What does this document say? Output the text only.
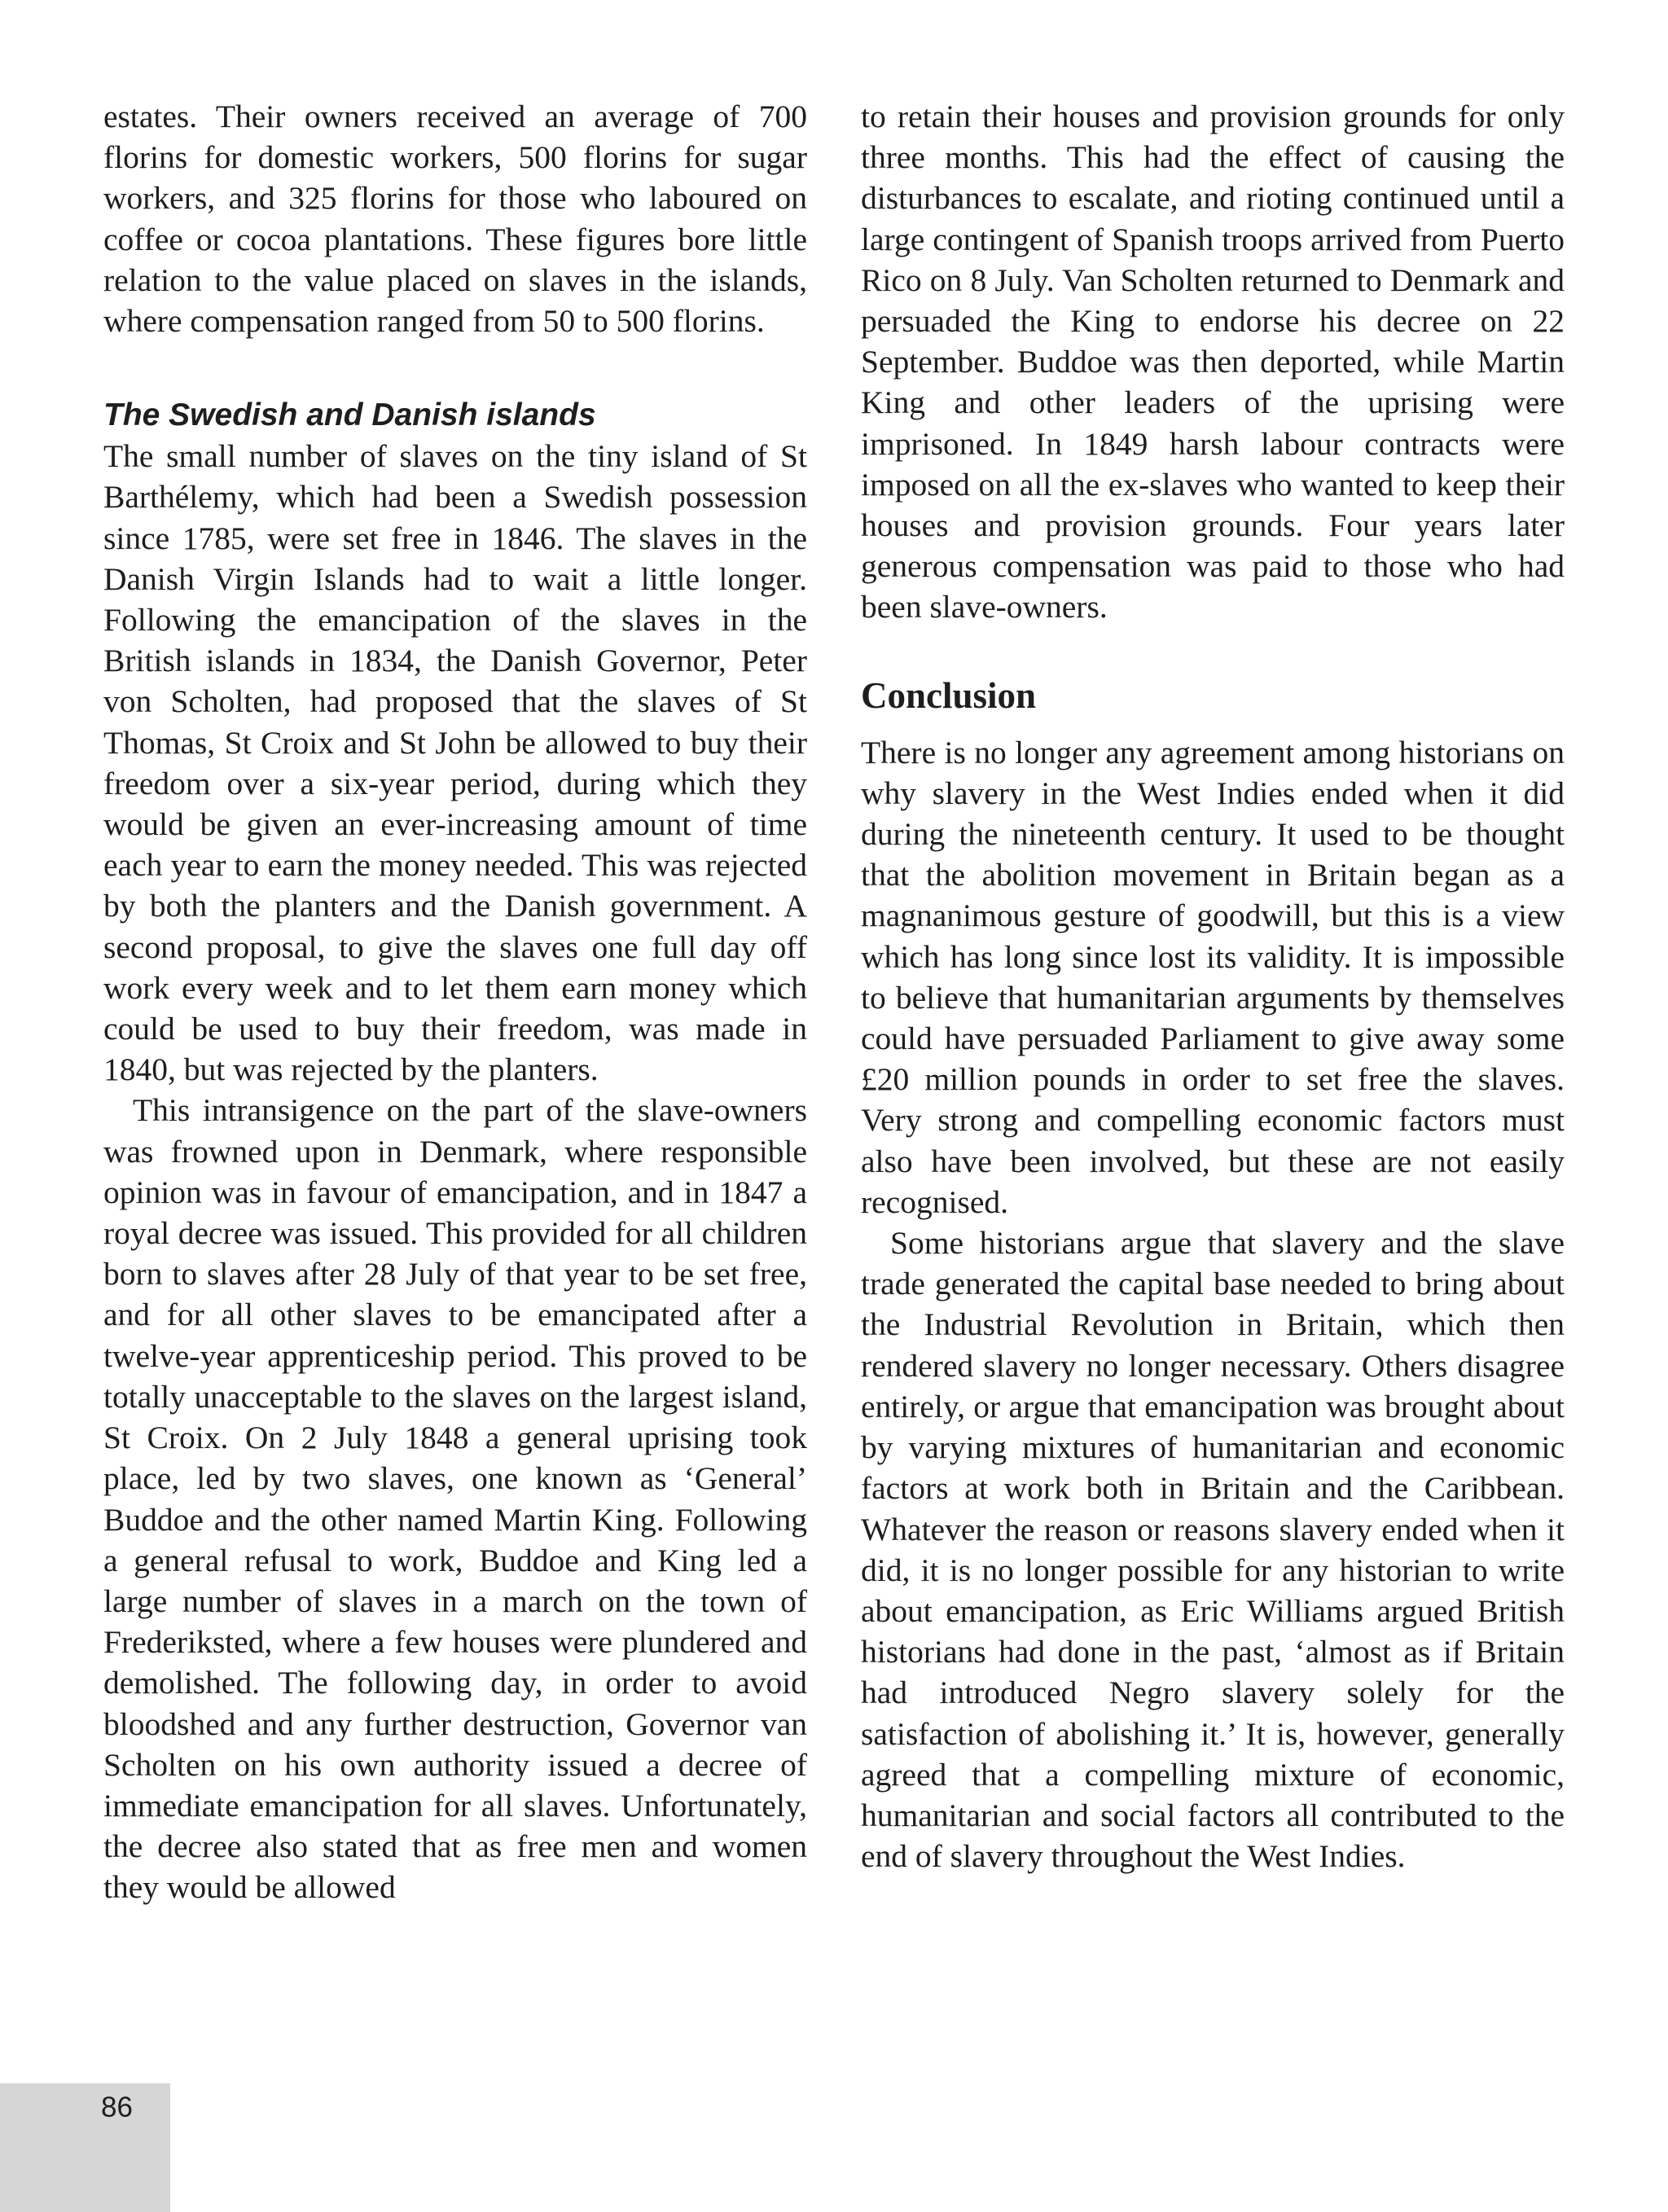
estates. Their owners received an average of 700 florins for domestic workers, 500 florins for sugar workers, and 325 florins for those who laboured on coffee or cocoa plantations. These figures bore little relation to the value placed on slaves in the islands, where compensation ranged from 50 to 500 florins.

The Swedish and Danish islands

The small number of slaves on the tiny island of St Barthélemy, which had been a Swedish possession since 1785, were set free in 1846. The slaves in the Danish Virgin Islands had to wait a little longer. Following the emancipation of the slaves in the British islands in 1834, the Danish Governor, Peter von Scholten, had proposed that the slaves of St Thomas, St Croix and St John be allowed to buy their freedom over a six-year period, during which they would be given an ever-increasing amount of time each year to earn the money needed. This was rejected by both the planters and the Danish government. A second proposal, to give the slaves one full day off work every week and to let them earn money which could be used to buy their freedom, was made in 1840, but was rejected by the planters.

This intransigence on the part of the slave-owners was frowned upon in Denmark, where responsible opinion was in favour of emancipation, and in 1847 a royal decree was issued. This provided for all children born to slaves after 28 July of that year to be set free, and for all other slaves to be emancipated after a twelve-year apprenticeship period. This proved to be totally unacceptable to the slaves on the largest island, St Croix. On 2 July 1848 a general uprising took place, led by two slaves, one known as ‘General’ Buddoe and the other named Martin King. Following a general refusal to work, Buddoe and King led a large number of slaves in a march on the town of Frederiksted, where a few houses were plundered and demolished. The following day, in order to avoid bloodshed and any further destruction, Governor van Scholten on his own authority issued a decree of immediate emancipation for all slaves. Unfortunately, the decree also stated that as free men and women they would be allowed

to retain their houses and provision grounds for only three months. This had the effect of causing the disturbances to escalate, and rioting continued until a large contingent of Spanish troops arrived from Puerto Rico on 8 July. Van Scholten returned to Denmark and persuaded the King to endorse his decree on 22 September. Buddoe was then deported, while Martin King and other leaders of the uprising were imprisoned. In 1849 harsh labour contracts were imposed on all the ex-slaves who wanted to keep their houses and provision grounds. Four years later generous compensation was paid to those who had been slave-owners.

Conclusion

There is no longer any agreement among historians on why slavery in the West Indies ended when it did during the nineteenth century. It used to be thought that the abolition movement in Britain began as a magnanimous gesture of goodwill, but this is a view which has long since lost its validity. It is impossible to believe that humanitarian arguments by themselves could have persuaded Parliament to give away some £20 million pounds in order to set free the slaves. Very strong and compelling economic factors must also have been involved, but these are not easily recognised.

Some historians argue that slavery and the slave trade generated the capital base needed to bring about the Industrial Revolution in Britain, which then rendered slavery no longer necessary. Others disagree entirely, or argue that emancipation was brought about by varying mixtures of humanitarian and economic factors at work both in Britain and the Caribbean. Whatever the reason or reasons slavery ended when it did, it is no longer possible for any historian to write about emancipation, as Eric Williams argued British historians had done in the past, ‘almost as if Britain had introduced Negro slavery solely for the satisfaction of abolishing it.’ It is, however, generally agreed that a compelling mixture of economic, humanitarian and social factors all contributed to the end of slavery throughout the West Indies.

86
